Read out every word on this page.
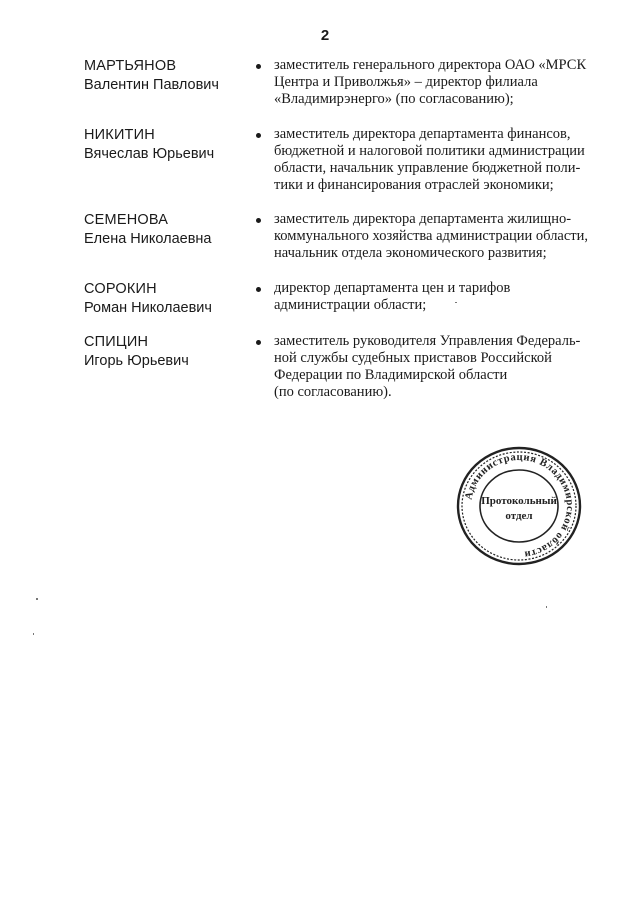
2
МАРТЬЯНОВ
Валентин Павлович
заместитель генерального директора ОАО «МРСК
Центра и Приволжья» – директор филиала
«Владимирэнерго» (по согласованию);
НИКИТИН
Вячеслав Юрьевич
заместитель директора департамента финансов,
бюджетной и налоговой политики администрации
области, начальник управление бюджетной поли-
тики и финансирования отраслей экономики;
СЕМЕНОВА
Елена Николаевна
заместитель директора департамента жилищно-
коммунального хозяйства администрации области,
начальник отдела экономического развития;
СОРОКИН
Роман Николаевич
директор департамента цен и тарифов
администрации области;
СПИЦИН
Игорь Юрьевич
заместитель руководителя Управления Федераль-
ной службы судебных приставов Российской
Федерации по Владимирской области
(по согласованию).
Администрация Владимирской области
Протокольный
отдел
